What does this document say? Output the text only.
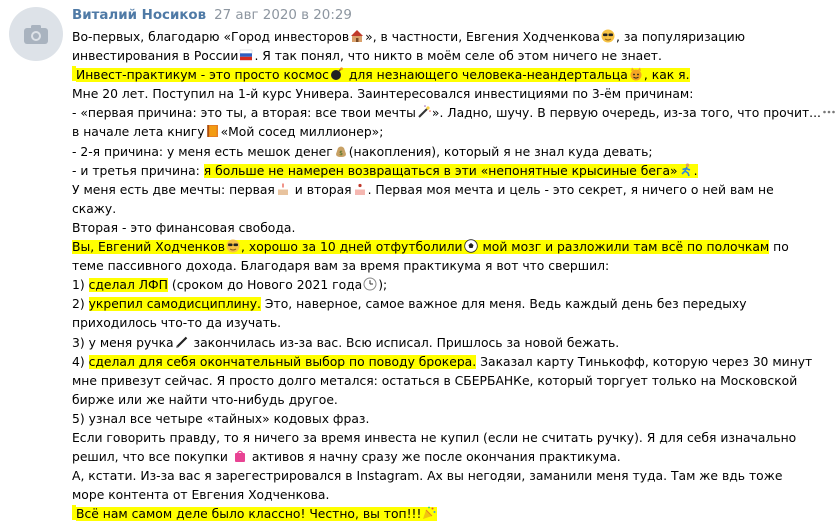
Виталий Носиков 27 авг 2020 в 20:29
Во-первых, благодарю «Город инвесторов », в частности, Евгения Ходченкова , за популяризацию
инвестирования в России . Я так понял, что никто в моём селе об этом ничего не знает.
Инвест-практикум - это просто космос для незнающего человека-неандертальца , как я.
Мне 20 лет. Поступил на 1-й курс Универа. Заинтересовался инвестициями по 3-ём причинам:
- «первая причина: это ты, а вторая: все твои мечты ». Ладно, шучу. В первую очередь, из-за того, что прочит...
в начале лета книгу «Мой сосед миллионер»;
- 2-я причина: у меня есть мешок денег $ (накопления), который я не знал куда девать;
- и третья причина: я больше не намерен возвращаться в эти «непонятные крысиные бега» .
У меня есть две мечты: первая и вторая . Первая моя мечта и цель - это секрет, я ничего о ней вам не
скажу.
Вторая - это финансовая свобода.
Вы, Евгений Ходченков , хорошо за 10 дней отфутболили мой мозг и разложили там всё по полочкам по
теме пассивного дохода. Благодаря вам за время практикума я вот что свершил:
1) сделал ЛФП (сроком до Нового 2021 года );
2) укрепил самодисциплину. Это, наверное, самое важное для меня. Ведь каждый день без передыху
приходилось что-то да изучать.
3) у меня ручка закончилась из-за вас. Всю исписал. Пришлось за новой бежать.
4) сделал для себя окончательный выбор по поводу брокера. Заказал карту Тинькофф, которую через 30 минут
мне привезут сейчас. Я просто долго метался: остаться в СБЕРБАНКе, который торгует только на Московской
бирже или же найти что-нибудь другое.
5) узнал все четыре «тайных» кодовых фраз.
Если говорить правду, то я ничего за время инвеста не купил (если не считать ручку). Я для себя изначально
решил, что все покупки  активов я начну сразу же после окончания практикума.
А, кстати. Из-за вас я зарегестрировался в Instagram. Ах вы негодяи, заманили меня туда. Там же вдь тоже
море контента от Евгения Ходченкова.
Всё нам самом деле было классно! Честно, вы топ!!!
